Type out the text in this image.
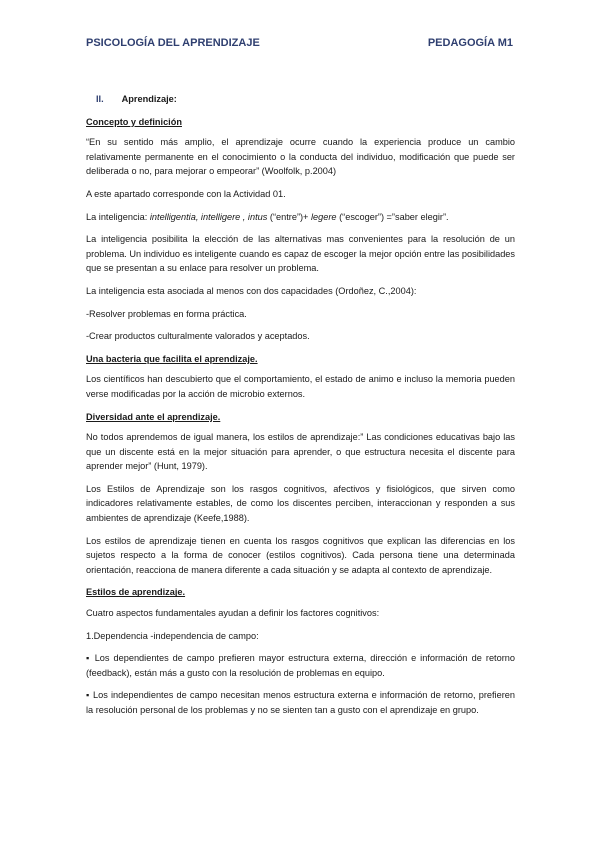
PSICOLOGÍA DEL APRENDIZAJE	PEDAGOGÍA M1
II. Aprendizaje:
Concepto y definición

“En su sentido más amplio, el aprendizaje ocurre cuando la experiencia produce un cambio relativamente permanente en el conocimiento o la conducta del individuo, modificación que puede ser deliberada o no, para mejorar o empeorar” (Woolfolk, p.2004)

A este apartado corresponde con la Actividad 01.

La inteligencia: intelligentia, intelligere , intus (“entre”)+ legere (“escoger”) =”saber elegir”.

La inteligencia posibilita la elección de las alternativas mas convenientes para la resolución de un problema. Un individuo es inteligente cuando es capaz de escoger la mejor opción entre las posibilidades que se presentan a su enlace para resolver un problema.

La inteligencia esta asociada al menos con dos capacidades (Ordoñez, C.,2004):

-Resolver problemas en forma práctica.

-Crear productos culturalmente valorados y aceptados.

Una bacteria que facilita el aprendizaje.

Los científicos han descubierto que el comportamiento, el estado de animo e incluso la memoria pueden verse modificadas por la acción de microbio externos.

Diversidad ante el aprendizaje.

No todos aprendemos de igual manera, los estilos de aprendizaje:” Las condiciones educativas bajo las que un discente está en la mejor situación para aprender, o que estructura necesita el discente para aprender mejor” (Hunt, 1979).

Los Estilos de Aprendizaje son los rasgos cognitivos, afectivos y fisiológicos, que sirven como indicadores relativamente estables, de como los discentes perciben, interaccionan y responden a sus ambientes de aprendizaje (Keefe,1988).

Los estilos de aprendizaje tienen en cuenta los rasgos cognitivos que explican las diferencias en los sujetos respecto a la forma de conocer (estilos cognitivos). Cada persona tiene una determinada orientación, reacciona de manera diferente a cada situación y se adapta al contexto de aprendizaje.

Estilos de aprendizaje.

Cuatro aspectos fundamentales ayudan a definir los factores cognitivos:

1.Dependencia -independencia de campo:

▪ Los dependientes de campo prefieren mayor estructura externa, dirección e información de retorno (feedback), están más a gusto con la resolución de problemas en equipo.

▪ Los independientes de campo necesitan menos estructura externa e información de retorno, prefieren la resolución personal de los problemas y no se sienten tan a gusto con el aprendizaje en grupo.
